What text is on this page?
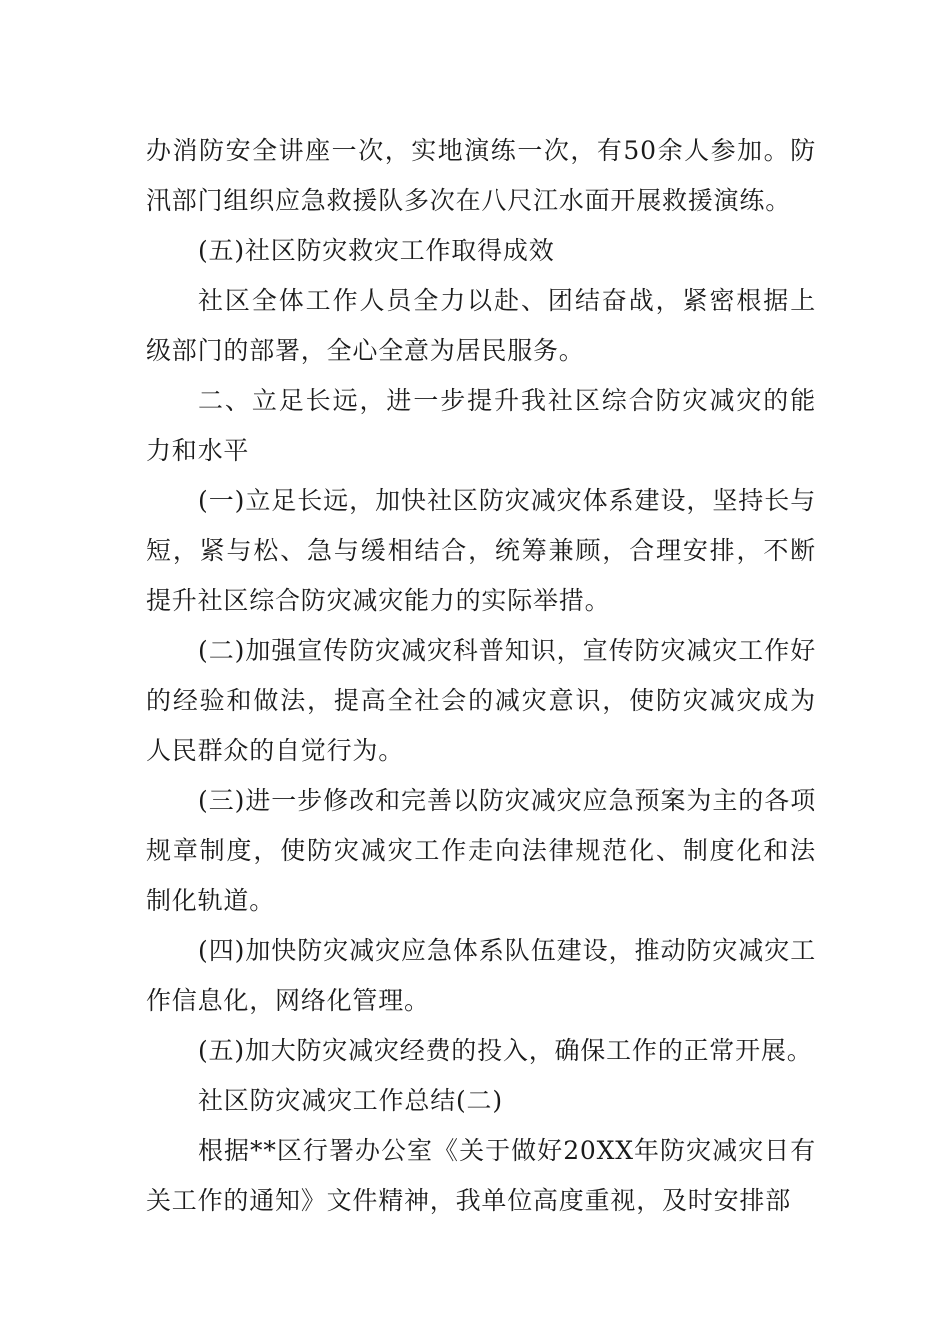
办消防安全讲座一次，实地演练一次，有50余人参加。防汛部门组织应急救援队多次在八尺江水面开展救援演练。

(五)社区防灾救灾工作取得成效

社区全体工作人员全力以赴、团结奋战，紧密根据上级部门的部署，全心全意为居民服务。

二、立足长远，进一步提升我社区综合防灾减灾的能力和水平

(一)立足长远，加快社区防灾减灾体系建设，坚持长与短，紧与松、急与缓相结合，统筹兼顾，合理安排，不断提升社区综合防灾减灾能力的实际举措。

(二)加强宣传防灾减灾科普知识，宣传防灾减灾工作好的经验和做法，提高全社会的减灾意识，使防灾减灾成为人民群众的自觉行为。

(三)进一步修改和完善以防灾减灾应急预案为主的各项规章制度，使防灾减灾工作走向法律规范化、制度化和法制化轨道。

(四)加快防灾减灾应急体系队伍建设，推动防灾减灾工作信息化，网络化管理。

(五)加大防灾减灾经费的投入，确保工作的正常开展。

社区防灾减灾工作总结(二)

根据**区行署办公室《关于做好20XX年防灾减灾日有关工作的通知》文件精神，我单位高度重视，及时安排部
